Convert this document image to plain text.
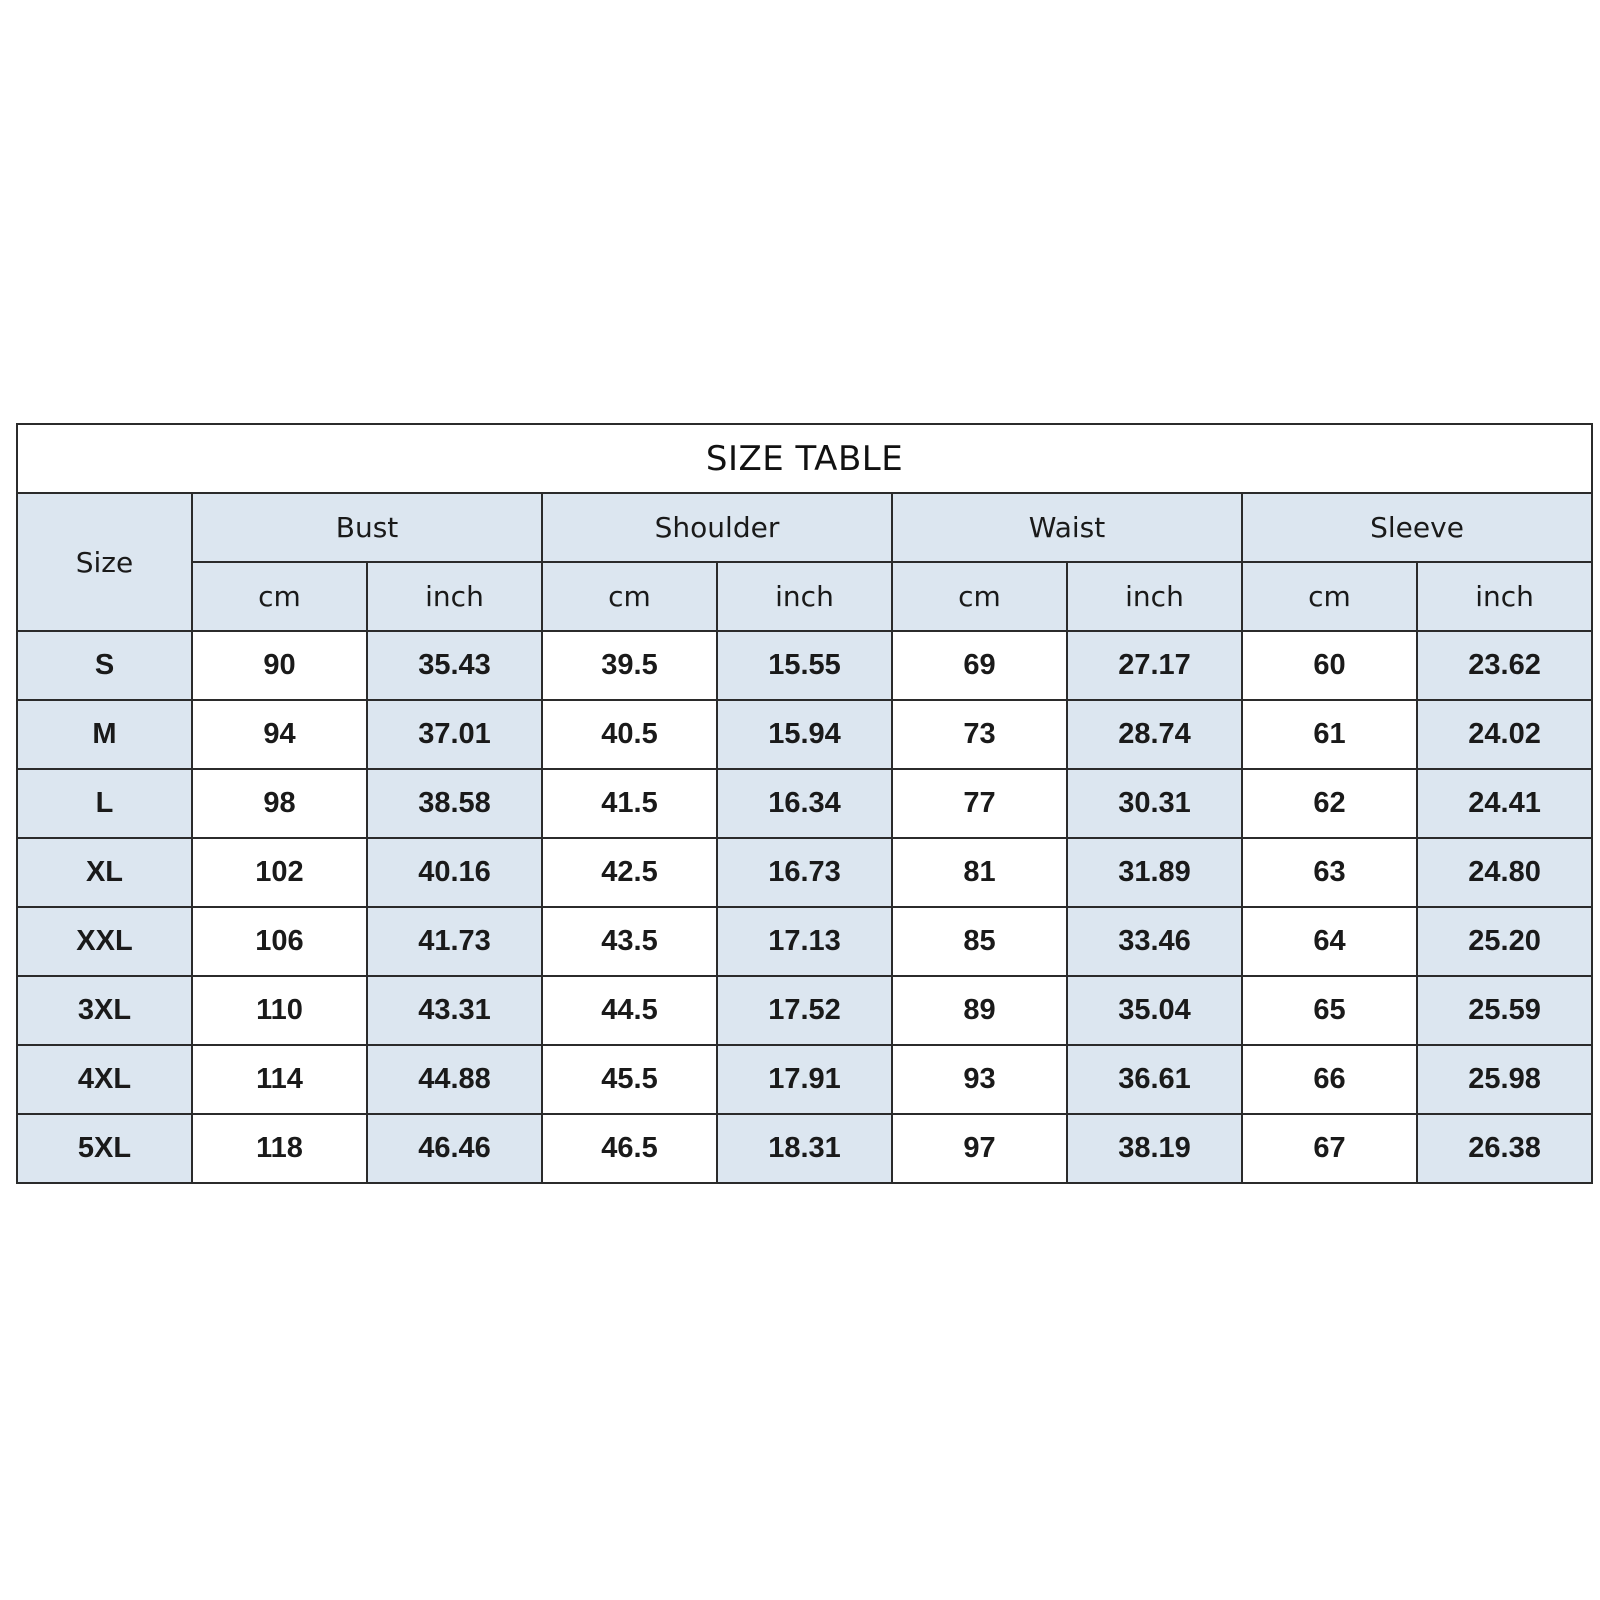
SIZE TABLE								
Size	Bust		Shoulder		Waist		Sleeve	
	cm	inch	cm	inch	cm	inch	cm	inch
S	90	35.43	39.5	15.55	69	27.17	60	23.62
M	94	37.01	40.5	15.94	73	28.74	61	24.02
L	98	38.58	41.5	16.34	77	30.31	62	24.41
XL	102	40.16	42.5	16.73	81	31.89	63	24.80
XXL	106	41.73	43.5	17.13	85	33.46	64	25.20
3XL	110	43.31	44.5	17.52	89	35.04	65	25.59
4XL	114	44.88	45.5	17.91	93	36.61	66	25.98
5XL	118	46.46	46.5	18.31	97	38.19	67	26.38
